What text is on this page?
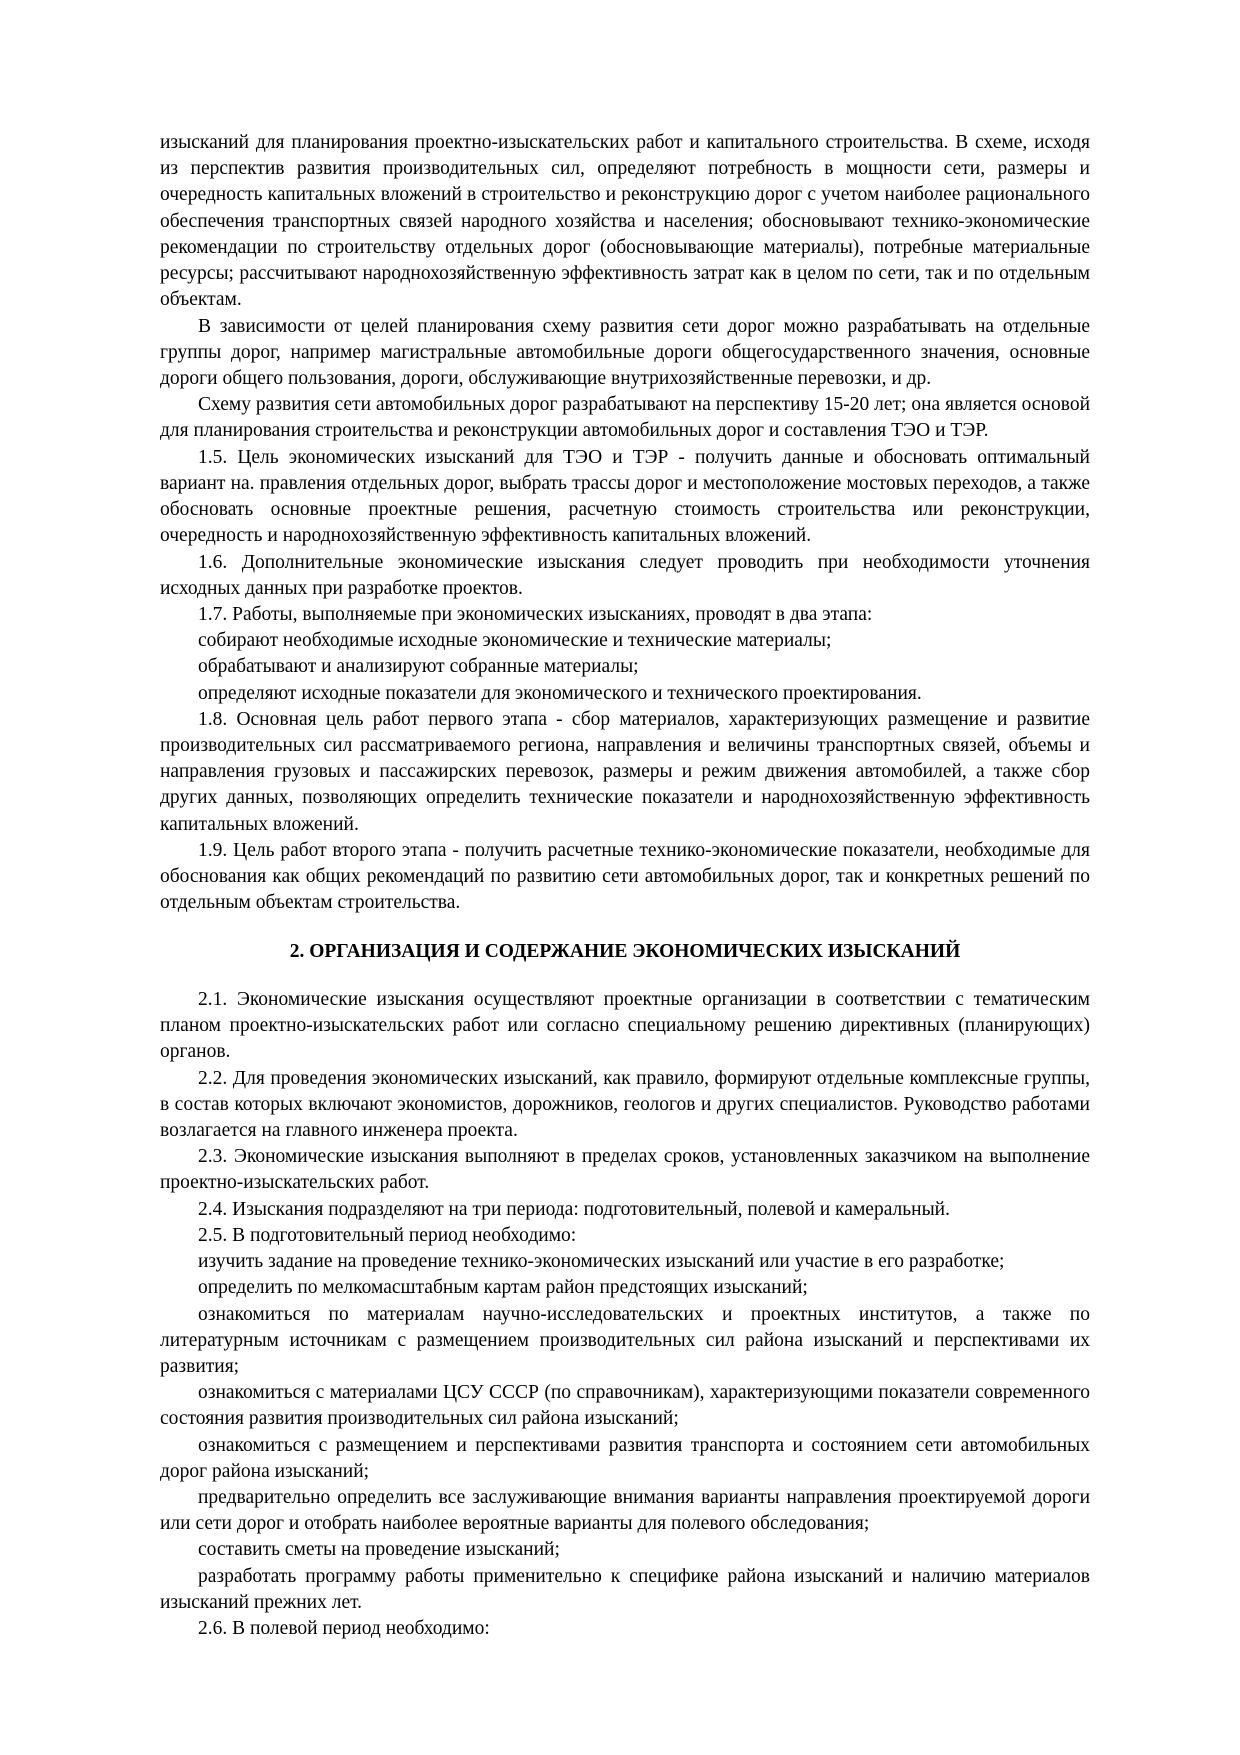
изысканий для планирования проектно-изыскательских работ и капитального строительства. В схеме, исходя из перспектив развития производительных сил, определяют потребность в мощности сети, размеры и очередность капитальных вложений в строительство и реконструкцию дорог с учетом наиболее рационального обеспечения транспортных связей народного хозяйства и населения; обосновывают технико-экономические рекомендации по строительству отдельных дорог (обосновывающие материалы), потребные материальные ресурсы; рассчитывают народнохозяйственную эффективность затрат как в целом по сети, так и по отдельным объектам.

В зависимости от целей планирования схему развития сети дорог можно разрабатывать на отдельные группы дорог, например магистральные автомобильные дороги общегосударственного значения, основные дороги общего пользования, дороги, обслуживающие внутрихозяйственные перевозки, и др.

Схему развития сети автомобильных дорог разрабатывают на перспективу 15-20 лет; она является основой для планирования строительства и реконструкции автомобильных дорог и составления ТЭО и ТЭР.

1.5. Цель экономических изысканий для ТЭО и ТЭР - получить данные и обосновать оптимальный вариант на. правления отдельных дорог, выбрать трассы дорог и местоположение мостовых переходов, а также обосновать основные проектные решения, расчетную стоимость строительства или реконструкции, очередность и народнохозяйственную эффективность капитальных вложений.

1.6. Дополнительные экономические изыскания следует проводить при необходимости уточнения исходных данных при разработке проектов.

1.7. Работы, выполняемые при экономических изысканиях, проводят в два этапа:

собирают необходимые исходные экономические и технические материалы;

обрабатывают и анализируют собранные материалы;

определяют исходные показатели для экономического и технического проектирования.

1.8. Основная цель работ первого этапа - сбор материалов, характеризующих размещение и развитие производительных сил рассматриваемого региона, направления и величины транспортных связей, объемы и направления грузовых и пассажирских перевозок, размеры и режим движения автомобилей, а также сбор других данных, позволяющих определить технические показатели и народнохозяйственную эффективность капитальных вложений.

1.9. Цель работ второго этапа - получить расчетные технико-экономические показатели, необходимые для обоснования как общих рекомендаций по развитию сети автомобильных дорог, так и конкретных решений по отдельным объектам строительства.

2. ОРГАНИЗАЦИЯ И СОДЕРЖАНИЕ ЭКОНОМИЧЕСКИХ ИЗЫСКАНИЙ

2.1. Экономические изыскания осуществляют проектные организации в соответствии с тематическим планом проектно-изыскательских работ или согласно специальному решению директивных (планирующих) органов.

2.2. Для проведения экономических изысканий, как правило, формируют отдельные комплексные группы, в состав которых включают экономистов, дорожников, геологов и других специалистов. Руководство работами возлагается на главного инженера проекта.

2.3. Экономические изыскания выполняют в пределах сроков, установленных заказчиком на выполнение проектно-изыскательских работ.

2.4. Изыскания подразделяют на три периода: подготовительный, полевой и камеральный.

2.5. В подготовительный период необходимо:

изучить задание на проведение технико-экономических изысканий или участие в его разработке;

определить по мелкомасштабным картам район предстоящих изысканий;

ознакомиться по материалам научно-исследовательских и проектных институтов, а также по литературным источникам с размещением производительных сил района изысканий и перспективами их развития;

ознакомиться с материалами ЦСУ СССР (по справочникам), характеризующими показатели современного состояния развития производительных сил района изысканий;

ознакомиться с размещением и перспективами развития транспорта и состоянием сети автомобильных дорог района изысканий;

предварительно определить все заслуживающие внимания варианты направления проектируемой дороги или сети дорог и отобрать наиболее вероятные варианты для полевого обследования;

составить сметы на проведение изысканий;

разработать программу работы применительно к специфике района изысканий и наличию материалов изысканий прежних лет.

2.6. В полевой период необходимо:
